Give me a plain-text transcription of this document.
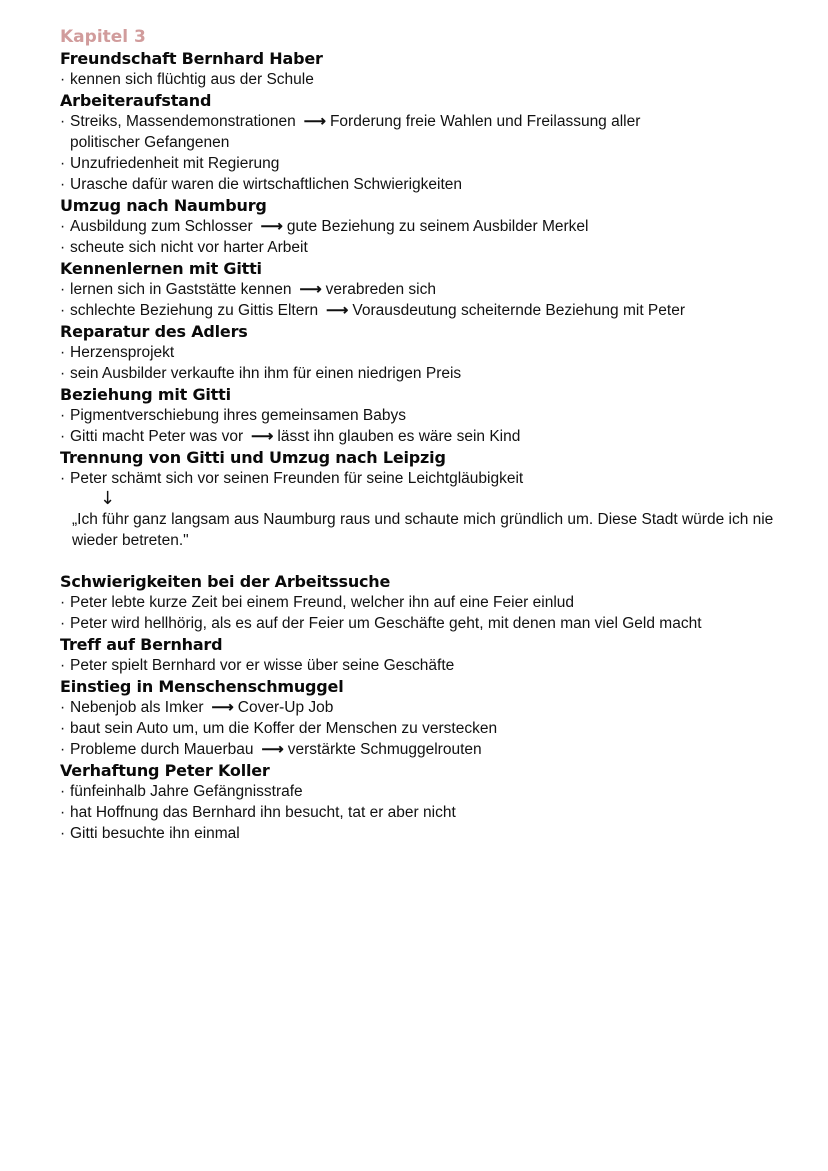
Kapitel 3
Freundschaft Bernhard Haber
· kennen sich flüchtig aus der Schule
Arbeiteraufstand
· Streiks, Massendemonstrationen ⟶ Forderung freie Wahlen und Freilassung aller
politischer Gefangenen
· Unzufriedenheit mit Regierung
· Urasche dafür waren die wirtschaftlichen Schwierigkeiten
Umzug nach Naumburg
· Ausbildung zum Schlosser ⟶ gute Beziehung zu seinem Ausbilder Merkel
· scheute sich nicht vor harter Arbeit
Kennenlernen mit Gitti
· lernen sich in Gaststätte kennen ⟶ verabreden sich
· schlechte Beziehung zu Gittis Eltern ⟶ Vorausdeutung scheiternde Beziehung mit Peter
Reparatur des Adlers
· Herzensprojekt
· sein Ausbilder verkaufte ihn ihm für einen niedrigen Preis
Beziehung mit Gitti
· Pigmentverschiebung ihres gemeinsamen Babys
· Gitti macht Peter was vor ⟶ lässt ihn glauben es wäre sein Kind
Trennung von Gitti und Umzug nach Leipzig
· Peter schämt sich vor seinen Freunden für seine Leichtgläubigkeit
↓
„Ich führ ganz langsam aus Naumburg raus und schaute mich gründlich um. Diese Stadt würde ich nie wieder betreten."
Schwierigkeiten bei der Arbeitssuche
· Peter lebte kurze Zeit bei einem Freund, welcher ihn auf eine Feier einlud
· Peter wird hellhörig, als es auf der Feier um Geschäfte geht, mit denen man viel Geld macht
Treff auf Bernhard
· Peter spielt Bernhard vor er wisse über seine Geschäfte
Einstieg in Menschenschmuggel
· Nebenjob als Imker ⟶ Cover-Up Job
· baut sein Auto um, um die Koffer der Menschen zu verstecken
· Probleme durch Mauerbau ⟶ verstärkte Schmuggelrouten
Verhaftung Peter Koller
· fünfeinhalb Jahre Gefängnisstrafe
· hat Hoffnung das Bernhard ihn besucht, tat er aber nicht
· Gitti besuchte ihn einmal
